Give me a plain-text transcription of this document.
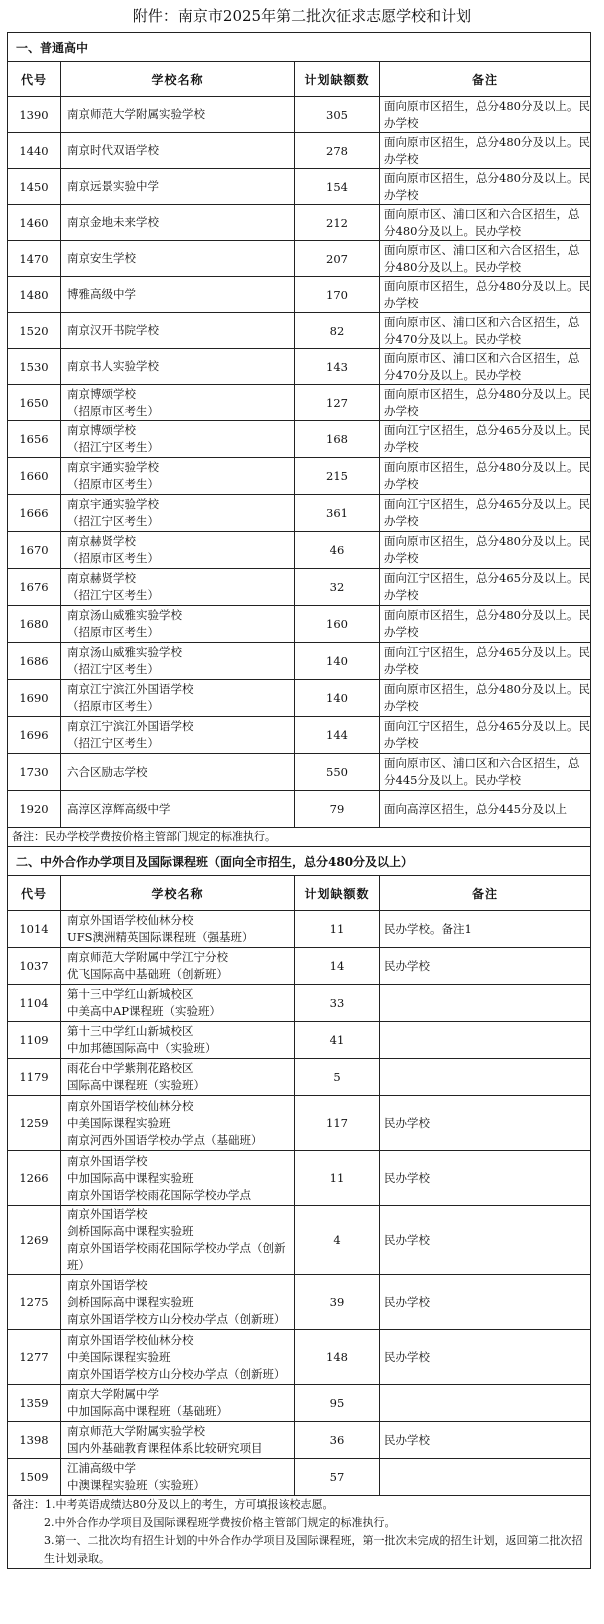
附件：南京市2025年第二批次征求志愿学校和计划
一、普通高中			
代号	学校名称	计划缺额数	备注
1390	南京师范大学附属实验学校	305	面向原市区招生，总分480分及以上。民办学校
1440	南京时代双语学校	278	面向原市区招生，总分480分及以上。民办学校
1450	南京远景实验中学	154	面向原市区招生，总分480分及以上。民办学校
1460	南京金地未来学校	212	面向原市区、浦口区和六合区招生，总分480分及以上。民办学校
1470	南京安生学校	207	面向原市区、浦口区和六合区招生，总分480分及以上。民办学校
1480	博雅高级中学	170	面向原市区招生，总分480分及以上。民办学校
1520	南京汉开书院学校	82	面向原市区、浦口区和六合区招生，总分470分及以上。民办学校
1530	南京书人实验学校	143	面向原市区、浦口区和六合区招生，总分470分及以上。民办学校
1650	南京博颂学校
（招原市区考生）	127	面向原市区招生，总分480分及以上。民办学校
1656	南京博颂学校
（招江宁区考生）	168	面向江宁区招生，总分465分及以上。民办学校
1660	南京宇通实验学校
（招原市区考生）	215	面向原市区招生，总分480分及以上。民办学校
1666	南京宇通实验学校
（招江宁区考生）	361	面向江宁区招生，总分465分及以上。民办学校
1670	南京赫贤学校
（招原市区考生）	46	面向原市区招生，总分480分及以上。民办学校
1676	南京赫贤学校
（招江宁区考生）	32	面向江宁区招生，总分465分及以上。民办学校
1680	南京汤山威雅实验学校
（招原市区考生）	160	面向原市区招生，总分480分及以上。民办学校
1686	南京汤山威雅实验学校
（招江宁区考生）	140	面向江宁区招生，总分465分及以上。民办学校
1690	南京江宁滨江外国语学校
（招原市区考生）	140	面向原市区招生，总分480分及以上。民办学校
1696	南京江宁滨江外国语学校
（招江宁区考生）	144	面向江宁区招生，总分465分及以上。民办学校
1730	六合区励志学校	550	面向原市区、浦口区和六合区招生，总分445分及以上。民办学校
1920	高淳区淳辉高级中学	79	面向高淳区招生，总分445分及以上

备注：民办学校学费按价格主管部门规定的标准执行。			

二、中外合作办学项目及国际课程班（面向全市招生，总分480分及以上）			
代号	学校名称	计划缺额数	备注
1014	南京外国语学校仙林分校
UFS澳洲精英国际课程班（强基班）	11	民办学校。备注1
1037	南京师范大学附属中学江宁分校
优飞国际高中基础班（创新班）	14	民办学校
1104	第十三中学红山新城校区
中美高中AP课程班（实验班）	33	
1109	第十三中学红山新城校区
中加邦德国际高中（实验班）	41	
1179	雨花台中学紫荆花路校区
国际高中课程班（实验班）	5	
1259	南京外国语学校仙林分校
中美国际课程实验班
南京河西外国语学校办学点（基础班）	117	民办学校
1266	南京外国语学校
中加国际高中课程实验班
南京外国语学校雨花国际学校办学点	11	民办学校
1269	南京外国语学校
剑桥国际高中课程实验班
南京外国语学校雨花国际学校办学点（创新班）	4	民办学校
1275	南京外国语学校
剑桥国际高中课程实验班
南京外国语学校方山分校办学点（创新班）	39	民办学校
1277	南京外国语学校仙林分校
中美国际课程实验班
南京外国语学校方山分校办学点（创新班）	148	民办学校
1359	南京大学附属中学
中加国际高中课程班（基础班）	95	
1398	南京师范大学附属实验学校
国内外基础教育课程体系比较研究项目	36	民办学校
1509	江浦高级中学
中澳课程实验班（实验班）	57	

备注：1.中考英语成绩达80分及以上的考生，方可填报该校志愿。
2.中外合作办学项目及国际课程班学费按价格主管部门规定的标准执行。
3.第一、二批次均有招生计划的中外合作办学项目及国际课程班，第一批次未完成的招生计划，返回第二批次招生计划录取。			
